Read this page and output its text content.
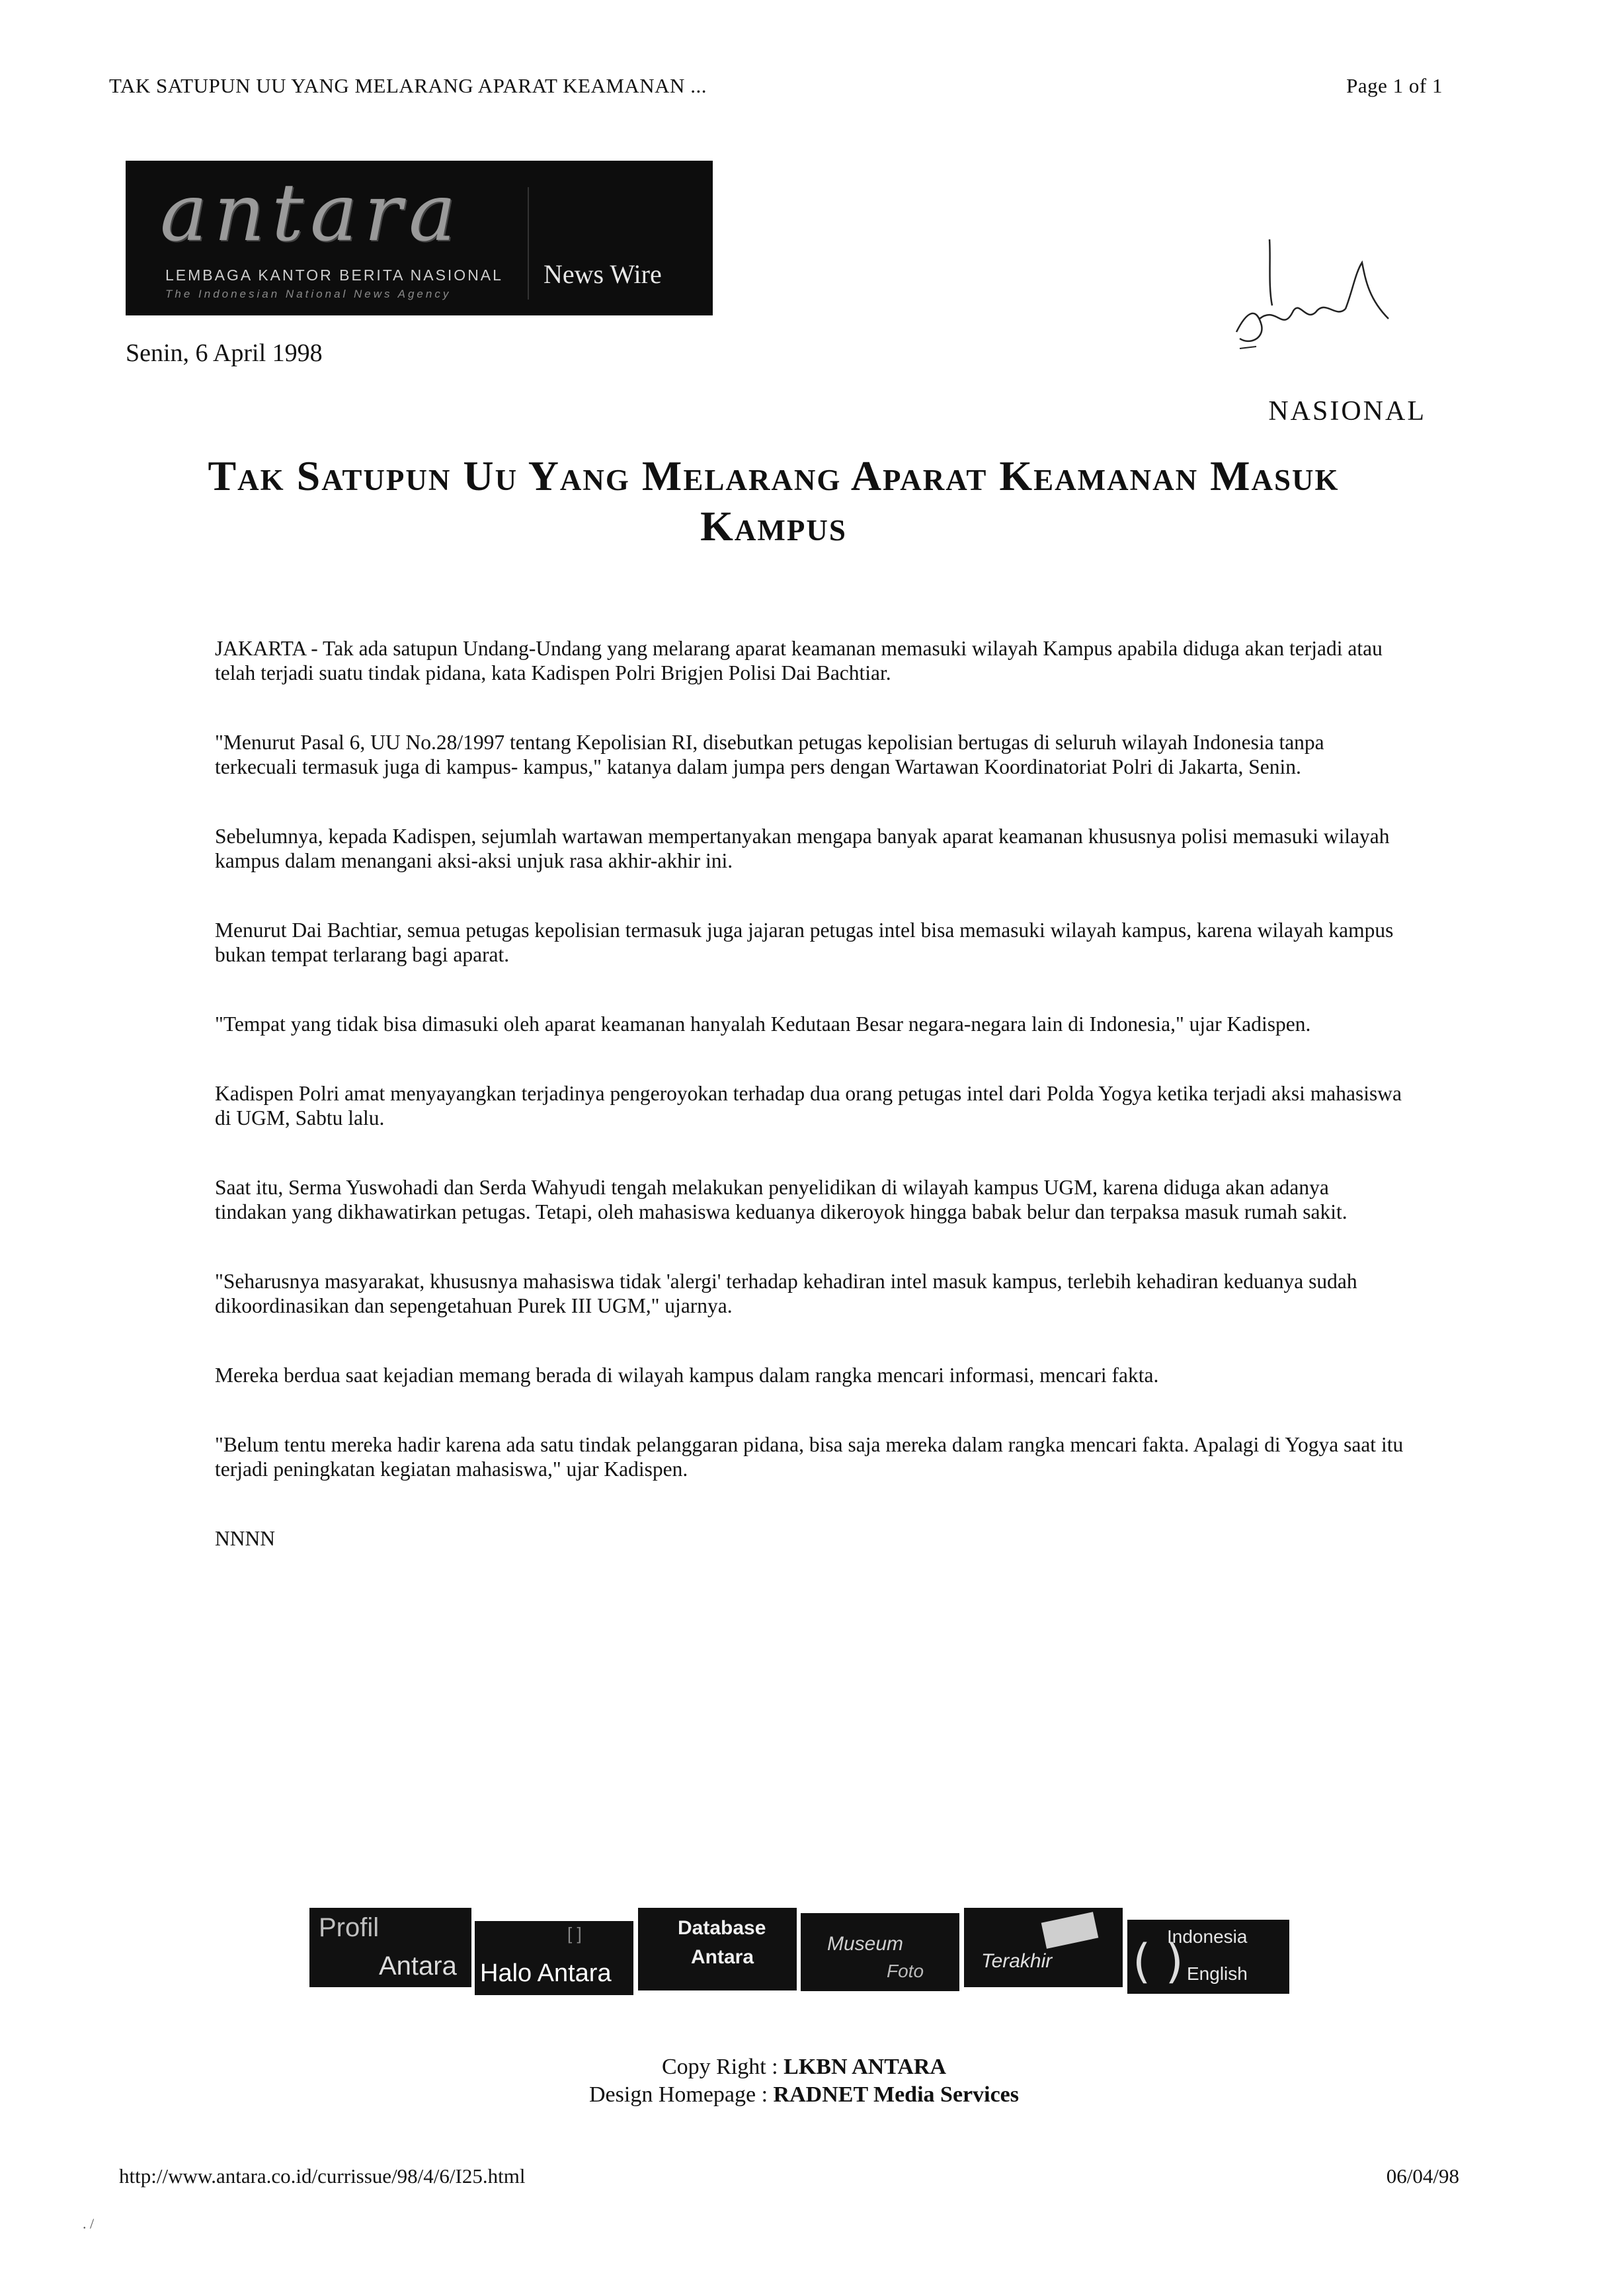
TAK SATUPUN UU YANG MELARANG APARAT KEAMANAN ...	Page 1 of 1
antara
LEMBAGA KANTOR BERITA NASIONAL
The Indonesian National News Agency
News Wire
Senin, 6 April 1998
NASIONAL
Tak Satupun Uu Yang Melarang Aparat Keamanan Masuk Kampus

JAKARTA - Tak ada satupun Undang-Undang yang melarang aparat keamanan memasuki wilayah Kampus apabila diduga akan terjadi atau telah terjadi suatu tindak pidana, kata Kadispen Polri Brigjen Polisi Dai Bachtiar.

"Menurut Pasal 6, UU No.28/1997 tentang Kepolisian RI, disebutkan petugas kepolisian bertugas di seluruh wilayah Indonesia tanpa terkecuali termasuk juga di kampus- kampus," katanya dalam jumpa pers dengan Wartawan Koordinatoriat Polri di Jakarta, Senin.

Sebelumnya, kepada Kadispen, sejumlah wartawan mempertanyakan mengapa banyak aparat keamanan khususnya polisi memasuki wilayah kampus dalam menangani aksi-aksi unjuk rasa akhir-akhir ini.

Menurut Dai Bachtiar, semua petugas kepolisian termasuk juga jajaran petugas intel bisa memasuki wilayah kampus, karena wilayah kampus bukan tempat terlarang bagi aparat.

"Tempat yang tidak bisa dimasuki oleh aparat keamanan hanyalah Kedutaan Besar negara-negara lain di Indonesia," ujar Kadispen.

Kadispen Polri amat menyayangkan terjadinya pengeroyokan terhadap dua orang petugas intel dari Polda Yogya ketika terjadi aksi mahasiswa di UGM, Sabtu lalu.

Saat itu, Serma Yuswohadi dan Serda Wahyudi tengah melakukan penyelidikan di wilayah kampus UGM, karena diduga akan adanya tindakan yang dikhawatirkan petugas. Tetapi, oleh mahasiswa keduanya dikeroyok hingga babak belur dan terpaksa masuk rumah sakit.

"Seharusnya masyarakat, khususnya mahasiswa tidak 'alergi' terhadap kehadiran intel masuk kampus, terlebih kehadiran keduanya sudah dikoordinasikan dan sepengetahuan Purek III UGM," ujarnya.

Mereka berdua saat kejadian memang berada di wilayah kampus dalam rangka mencari informasi, mencari fakta.

"Belum tentu mereka hadir karena ada satu tindak pelanggaran pidana, bisa saja mereka dalam rangka mencari fakta. Apalagi di Yogya saat itu terjadi peningkatan kegiatan mahasiswa," ujar Kadispen.

NNNN

Profil
Antara
[ ]
Halo Antara
Database
Antara
Museum
Foto	Terakhir ( )
Indonesia
English
Copy Right : LKBN ANTARA
Design Homepage : RADNET Media Services
http://www.antara.co.id/currissue/98/4/6/I25.html	06/04/98
. /
